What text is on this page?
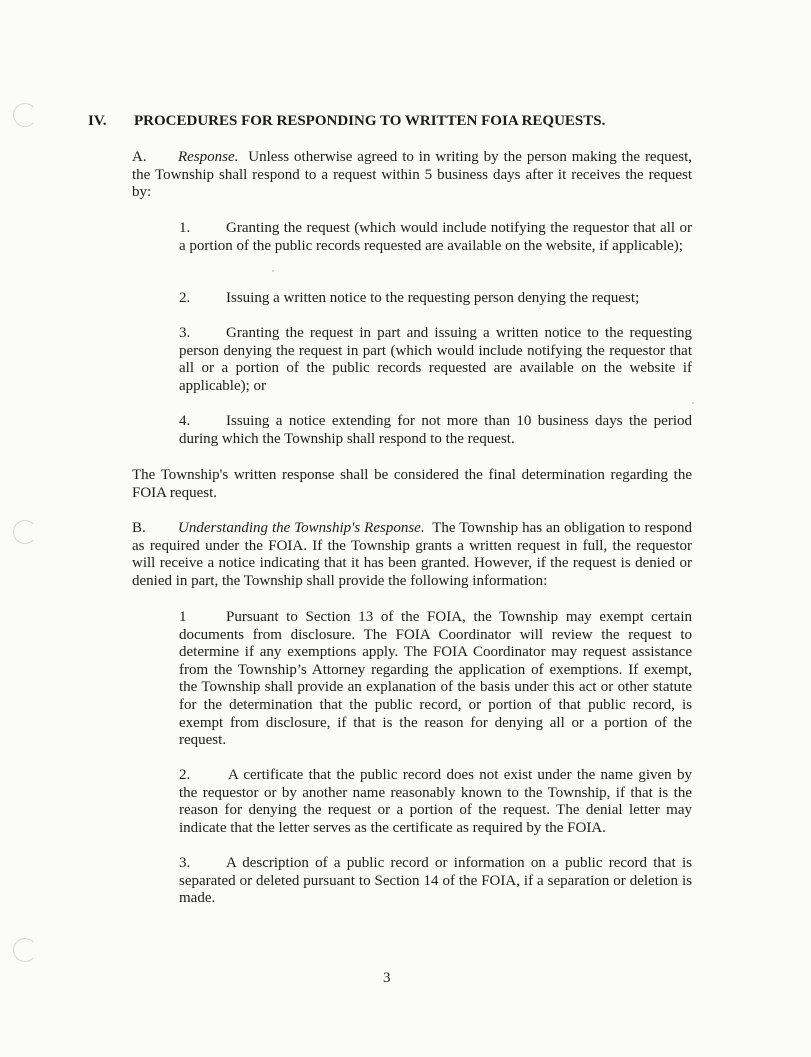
IV. PROCEDURES FOR RESPONDING TO WRITTEN FOIA REQUESTS.

A. Response. Unless otherwise agreed to in writing by the person making the request, the Township shall respond to a request within 5 business days after it receives the request by:

1. Granting the request (which would include notifying the requestor that all or a portion of the public records requested are available on the website, if applicable);

2. Issuing a written notice to the requesting person denying the request;

3. Granting the request in part and issuing a written notice to the requesting person denying the request in part (which would include notifying the requestor that all or a portion of the public records requested are available on the website if applicable); or

4. Issuing a notice extending for not more than 10 business days the period during which the Township shall respond to the request.

The Township's written response shall be considered the final determination regarding the FOIA request.

B. Understanding the Township's Response. The Township has an obligation to respond as required under the FOIA. If the Township grants a written request in full, the requestor will receive a notice indicating that it has been granted. However, if the request is denied or denied in part, the Township shall provide the following information:

1	Pursuant to Section 13 of the FOIA, the Township may exempt certain documents from disclosure. The FOIA Coordinator will review the request to determine if any exemptions apply. The FOIA Coordinator may request assistance from the Township’s Attorney regarding the application of exemptions. If exempt, the Township shall provide an explanation of the basis under this act or other statute for the determination that the public record, or portion of that public record, is exempt from disclosure, if that is the reason for denying all or a portion of the request.

2.	A certificate that the public record does not exist under the name given by the requestor or by another name reasonably known to the Township, if that is the reason for denying the request or a portion of the request. The denial letter may indicate that the letter serves as the certificate as required by the FOIA.

3. A description of a public record or information on a public record that is separated or deleted pursuant to Section 14 of the FOIA, if a separation or deletion is made.

3
